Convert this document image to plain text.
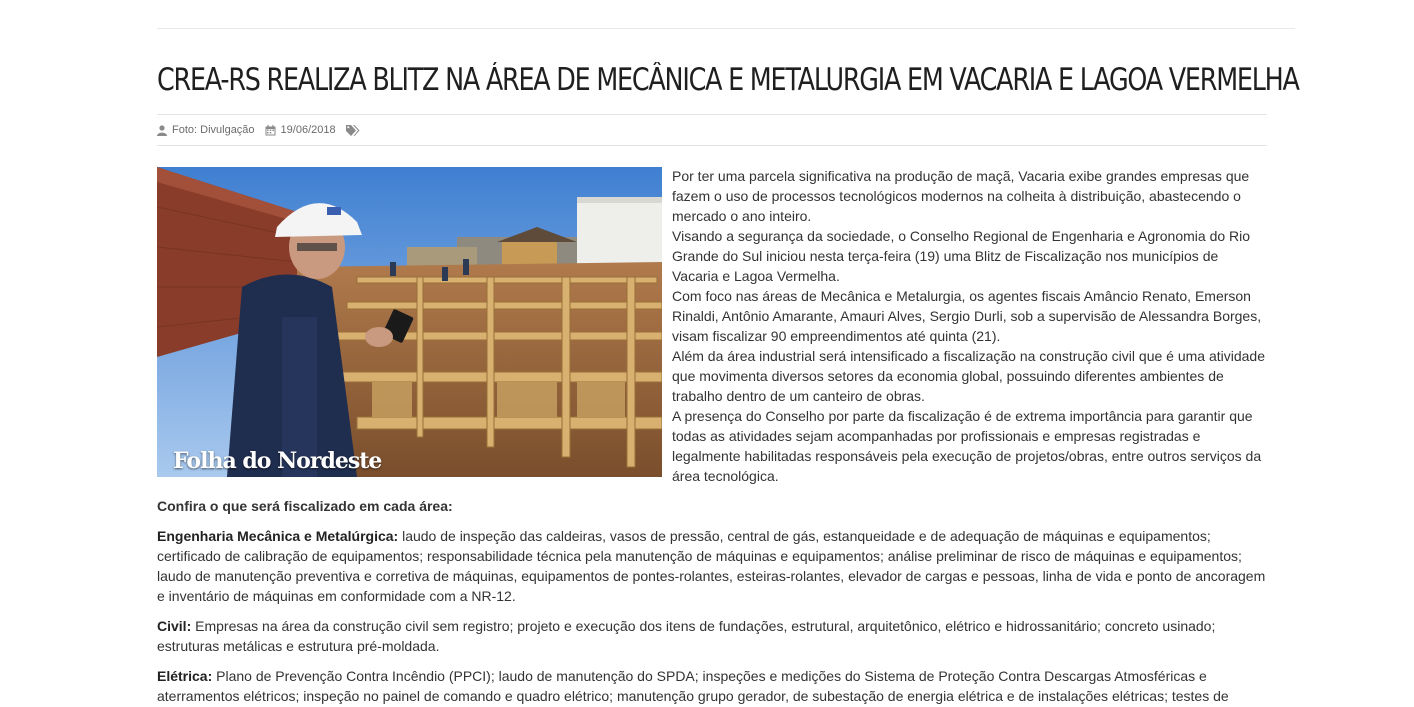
CREA-RS REALIZA BLITZ NA ÁREA DE MECÂNICA E METALURGIA EM VACARIA E LAGOA VERMELHA
Foto: Divulgação 19/06/2018
Folha do Nordeste

Por ter uma parcela significativa na produção de maçã, Vacaria exibe grandes empresas que fazem o uso de processos tecnológicos modernos na colheita à distribuição, abastecendo o mercado o ano inteiro.

Visando a segurança da sociedade, o Conselho Regional de Engenharia e Agronomia do Rio Grande do Sul iniciou nesta terça-feira (19) uma Blitz de Fiscalização nos municípios de Vacaria e Lagoa Vermelha.

Com foco nas áreas de Mecânica e Metalurgia, os agentes fiscais Amâncio Renato, Emerson Rinaldi, Antônio Amarante, Amauri Alves, Sergio Durli, sob a supervisão de Alessandra Borges, visam fiscalizar 90 empreendimentos até quinta (21).

Além da área industrial será intensificado a fiscalização na construção civil que é uma atividade que movimenta diversos setores da economia global, possuindo diferentes ambientes de trabalho dentro de um canteiro de obras.

A presença do Conselho por parte da fiscalização é de extrema importância para garantir que todas as atividades sejam acompanhadas por profissionais e empresas registradas e legalmente habilitadas responsáveis pela execução de projetos/obras, entre outros serviços da área tecnológica.

Confira o que será fiscalizado em cada área:

Engenharia Mecânica e Metalúrgica: laudo de inspeção das caldeiras, vasos de pressão, central de gás, estanqueidade e de adequação de máquinas e equipamentos; certificado de calibração de equipamentos; responsabilidade técnica pela manutenção de máquinas e equipamentos; análise preliminar de risco de máquinas e equipamentos; laudo de manutenção preventiva e corretiva de máquinas, equipamentos de pontes-rolantes, esteiras-rolantes, elevador de cargas e pessoas, linha de vida e ponto de ancoragem e inventário de máquinas em conformidade com a NR-12.

Civil: Empresas na área da construção civil sem registro; projeto e execução dos itens de fundações, estrutural, arquitetônico, elétrico e hidrossanitário; concreto usinado; estruturas metálicas e estrutura pré-moldada.

Elétrica: Plano de Prevenção Contra Incêndio (PPCI); laudo de manutenção do SPDA; inspeções e medições do Sistema de Proteção Contra Descargas Atmosféricas e aterramentos elétricos; inspeção no painel de comando e quadro elétrico; manutenção grupo gerador, de subestação de energia elétrica e de instalações elétricas; testes de
